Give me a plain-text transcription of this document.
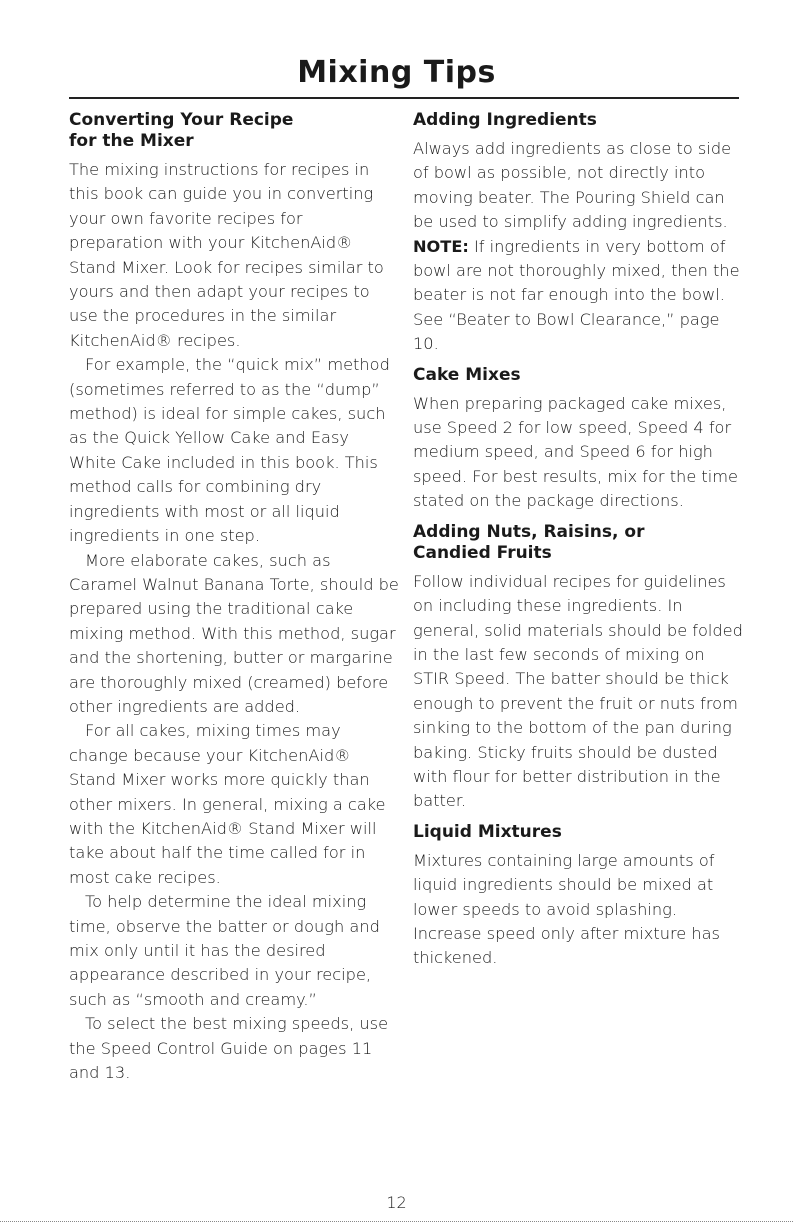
Mixing Tips
Converting Your Recipe
for the Mixer

The mixing instructions for recipes in this book can guide you in converting your own favorite recipes for preparation with your KitchenAid® Stand Mixer. Look for recipes similar to yours and then adapt your recipes to use the procedures in the similar KitchenAid® recipes.

For example, the “quick mix” method (sometimes referred to as the “dump” method) is ideal for simple cakes, such as the Quick Yellow Cake and Easy White Cake included in this book. This method calls for combining dry ingredients with most or all liquid ingredients in one step.

More elaborate cakes, such as Caramel Walnut Banana Torte, should be prepared using the traditional cake mixing method. With this method, sugar and the shortening, butter or margarine are thoroughly mixed (creamed) before other ingredients are added.

For all cakes, mixing times may change because your KitchenAid® Stand Mixer works more quickly than other mixers. In general, mixing a cake with the KitchenAid® Stand Mixer will take about half the time called for in most cake recipes.

To help determine the ideal mixing time, observe the batter or dough and mix only until it has the desired appearance described in your recipe, such as “smooth and creamy.”

To select the best mixing speeds, use the Speed Control Guide on pages 11 and 13.

Adding Ingredients

Always add ingredients as close to side of bowl as possible, not directly into moving beater. The Pouring Shield can be used to simplify adding ingredients.

NOTE: If ingredients in very bottom of bowl are not thoroughly mixed, then the beater is not far enough into the bowl. See “Beater to Bowl Clearance,” page 10.

Cake Mixes

When preparing packaged cake mixes, use Speed 2 for low speed, Speed 4 for medium speed, and Speed 6 for high speed. For best results, mix for the time stated on the package directions.

Adding Nuts, Raisins, or
Candied Fruits

Follow individual recipes for guidelines on including these ingredients. In general, solid materials should be folded in the last few seconds of mixing on STIR Speed. The batter should be thick enough to prevent the fruit or nuts from sinking to the bottom of the pan during baking. Sticky fruits should be dusted with flour for better distribution in the batter.

Liquid Mixtures

Mixtures containing large amounts of liquid ingredients should be mixed at lower speeds to avoid splashing. Increase speed only after mixture has thickened.

12
